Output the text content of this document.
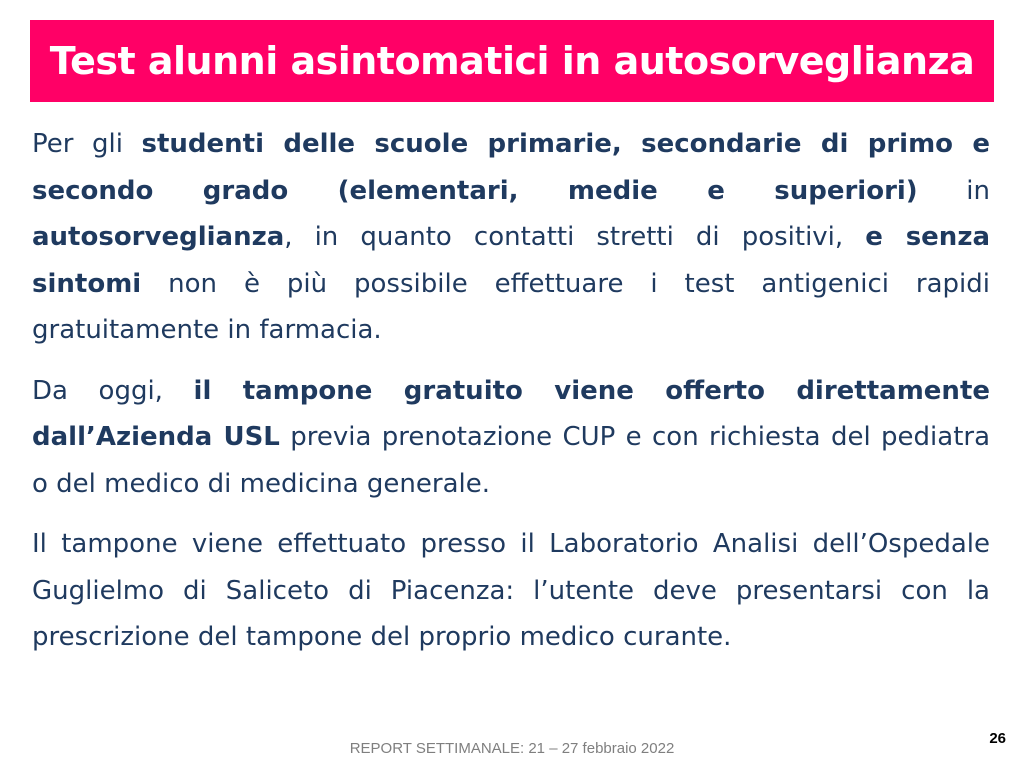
Test alunni asintomatici in autosorveglianza

Per gli studenti delle scuole primarie, secondarie di primo e secondo grado (elementari, medie e superiori) in autosorveglianza, in quanto contatti stretti di positivi, e senza sintomi non è più possibile effettuare i test antigenici rapidi gratuitamente in farmacia.

Da oggi, il tampone gratuito viene offerto direttamente dall’Azienda USL previa prenotazione CUP e con richiesta del pediatra o del medico di medicina generale.

Il tampone viene effettuato presso il Laboratorio Analisi dell’Ospedale Guglielmo di Saliceto di Piacenza: l’utente deve presentarsi con la prescrizione del tampone del proprio medico curante.

REPORT SETTIMANALE: 21 – 27 febbraio 2022
26
